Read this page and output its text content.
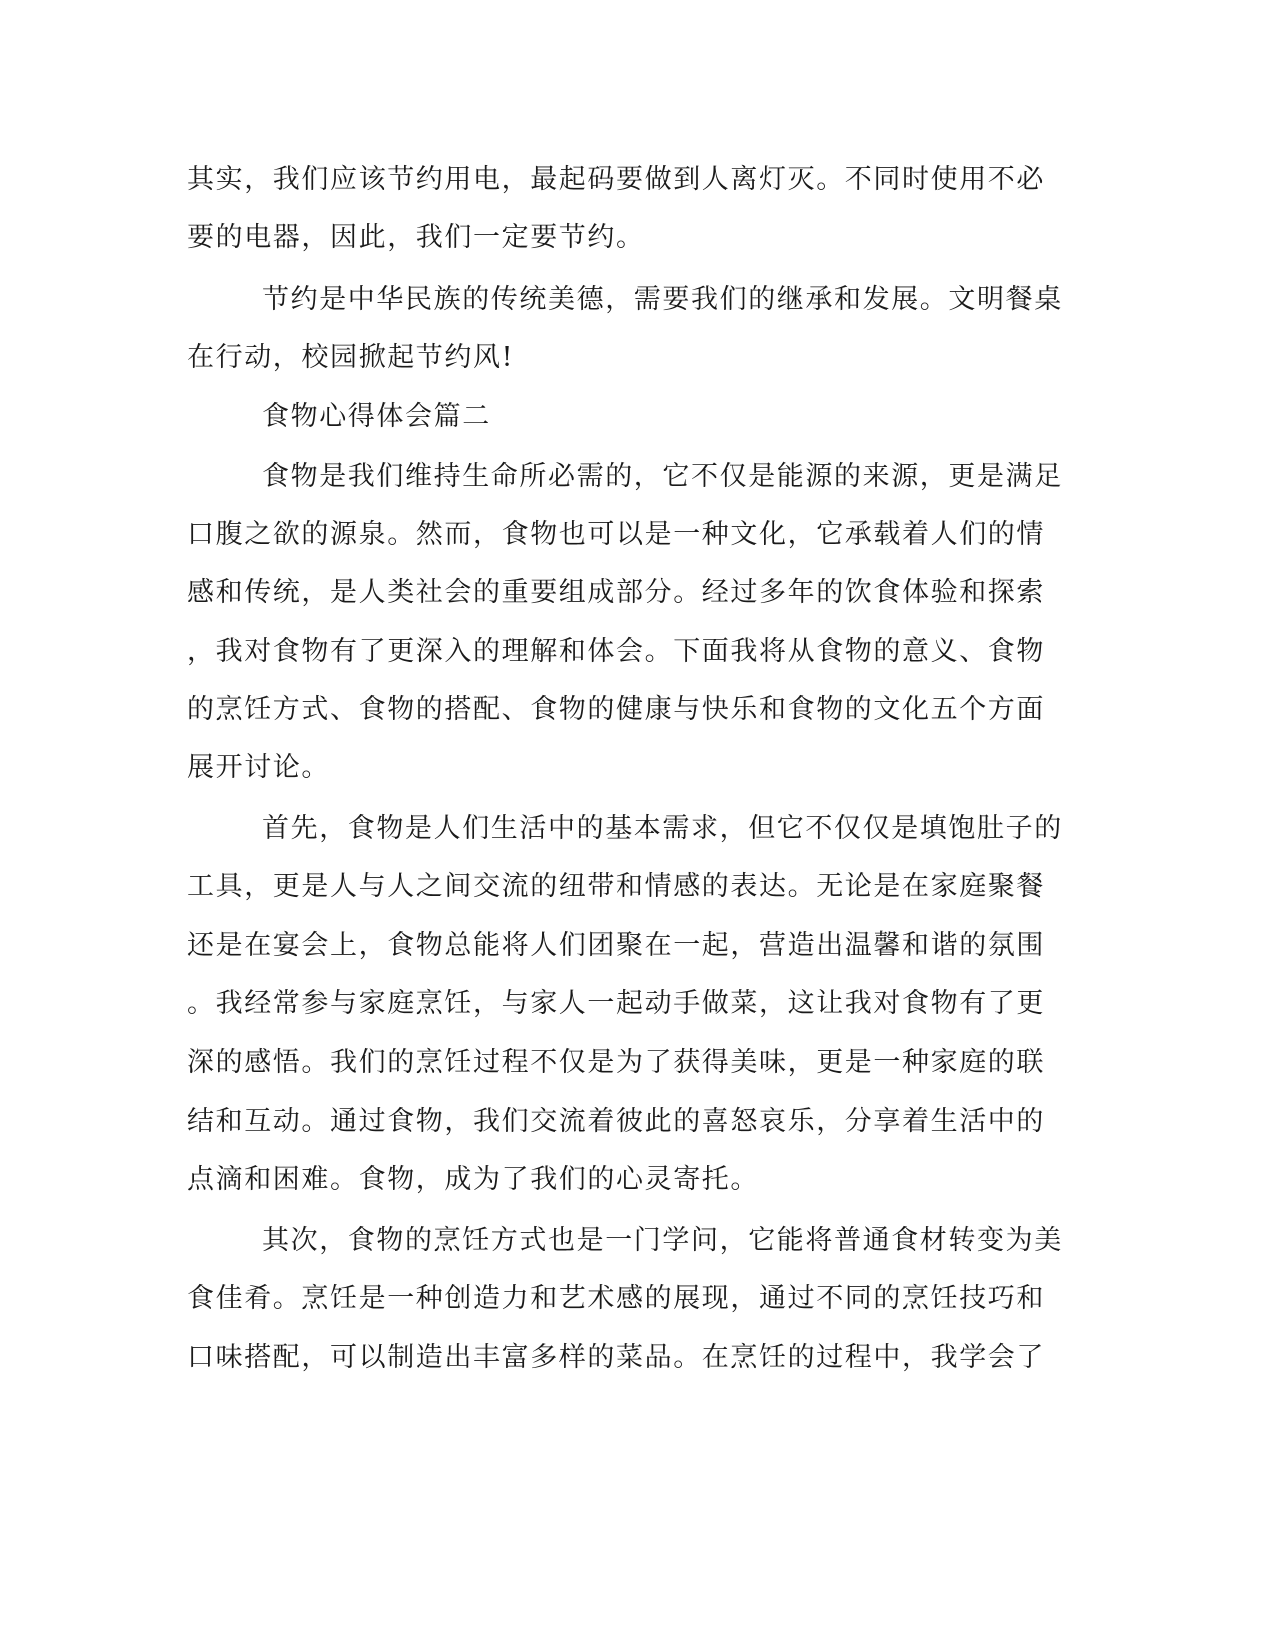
其实，我们应该节约用电，最起码要做到人离灯灭。不同时使用不必
要的电器，因此，我们一定要节约。
节约是中华民族的传统美德，需要我们的继承和发展。文明餐桌
在行动，校园掀起节约风!
食物心得体会篇二
食物是我们维持生命所必需的，它不仅是能源的来源，更是满足
口腹之欲的源泉。然而，食物也可以是一种文化，它承载着人们的情
感和传统，是人类社会的重要组成部分。经过多年的饮食体验和探索
，我对食物有了更深入的理解和体会。下面我将从食物的意义、食物
的烹饪方式、食物的搭配、食物的健康与快乐和食物的文化五个方面
展开讨论。
首先，食物是人们生活中的基本需求，但它不仅仅是填饱肚子的
工具，更是人与人之间交流的纽带和情感的表达。无论是在家庭聚餐
还是在宴会上，食物总能将人们团聚在一起，营造出温馨和谐的氛围
。我经常参与家庭烹饪，与家人一起动手做菜，这让我对食物有了更
深的感悟。我们的烹饪过程不仅是为了获得美味，更是一种家庭的联
结和互动。通过食物，我们交流着彼此的喜怒哀乐，分享着生活中的
点滴和困难。食物，成为了我们的心灵寄托。
其次，食物的烹饪方式也是一门学问，它能将普通食材转变为美
食佳肴。烹饪是一种创造力和艺术感的展现，通过不同的烹饪技巧和
口味搭配，可以制造出丰富多样的菜品。在烹饪的过程中，我学会了
